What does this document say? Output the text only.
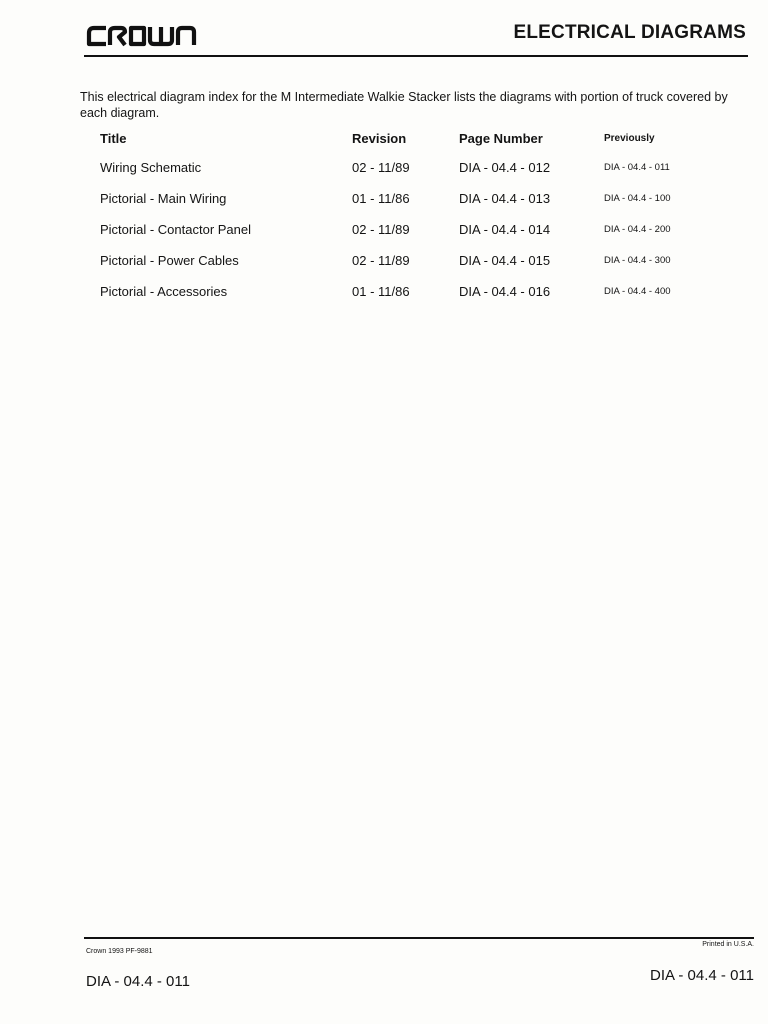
ELECTRICAL DIAGRAMS

This electrical diagram index for the M Intermediate Walkie Stacker lists the diagrams with portion of truck covered by each diagram.

Title	Revision	Page Number	Previously
Wiring Schematic	02 - 11/89	DIA - 04.4 - 012	DIA - 04.4 - 011
Pictorial - Main Wiring	01 - 11/86	DIA - 04.4 - 013	DIA - 04.4 - 100
Pictorial - Contactor Panel	02 - 11/89	DIA - 04.4 - 014	DIA - 04.4 - 200
Pictorial - Power Cables	02 - 11/89	DIA - 04.4 - 015	DIA - 04.4 - 300
Pictorial - Accessories	01 - 11/86	DIA - 04.4 - 016	DIA - 04.4 - 400
Crown 1993 PF-9881
Printed in U.S.A.
DIA - 04.4 - 011	DIA - 04.4 - 011
